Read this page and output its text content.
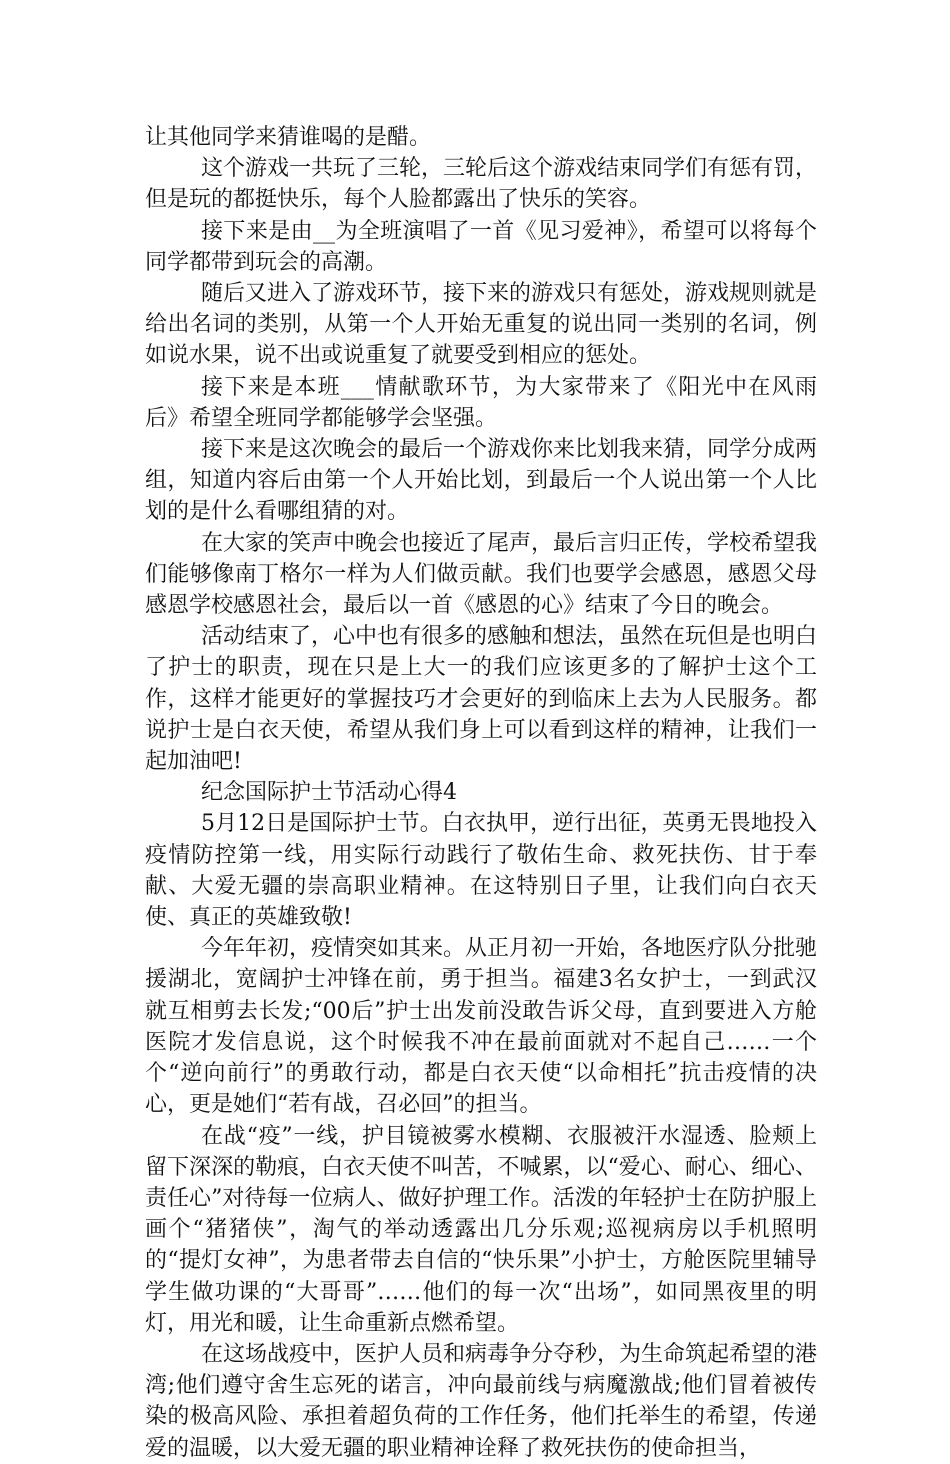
让其他同学来猜谁喝的是醋。

这个游戏一共玩了三轮，三轮后这个游戏结束同学们有惩有罚，但是玩的都挺快乐，每个人脸都露出了快乐的笑容。

接下来是由__为全班演唱了一首《见习爱神》，希望可以将每个同学都带到玩会的高潮。

随后又进入了游戏环节，接下来的游戏只有惩处，游戏规则就是给出名词的类别，从第一个人开始无重复的说出同一类别的名词，例如说水果，说不出或说重复了就要受到相应的惩处。

接下来是本班___情献歌环节，为大家带来了《阳光中在风雨后》希望全班同学都能够学会坚强。

接下来是这次晚会的最后一个游戏你来比划我来猜，同学分成两组，知道内容后由第一个人开始比划，到最后一个人说出第一个人比划的是什么看哪组猜的对。

在大家的笑声中晚会也接近了尾声，最后言归正传，学校希望我们能够像南丁格尔一样为人们做贡献。我们也要学会感恩，感恩父母感恩学校感恩社会，最后以一首《感恩的心》结束了今日的晚会。

活动结束了，心中也有很多的感触和想法，虽然在玩但是也明白了护士的职责，现在只是上大一的我们应该更多的了解护士这个工作，这样才能更好的掌握技巧才会更好的到临床上去为人民服务。都说护士是白衣天使，希望从我们身上可以看到这样的精神，让我们一起加油吧!

纪念国际护士节活动心得4

5月12日是国际护士节。白衣执甲，逆行出征，英勇无畏地投入疫情防控第一线，用实际行动践行了敬佑生命、救死扶伤、甘于奉献、大爱无疆的崇高职业精神。在这特别日子里，让我们向白衣天使、真正的英雄致敬!

今年年初，疫情突如其来。从正月初一开始，各地医疗队分批驰援湖北，宽阔护士冲锋在前，勇于担当。福建3名女护士，一到武汉就互相剪去长发;“00后”护士出发前没敢告诉父母，直到要进入方舱医院才发信息说，这个时候我不冲在最前面就对不起自己……一个个“逆向前行”的勇敢行动，都是白衣天使“以命相托”抗击疫情的决心，更是她们“若有战，召必回”的担当。

在战“疫”一线，护目镜被雾水模糊、衣服被汗水湿透、脸颊上留下深深的勒痕，白衣天使不叫苦，不喊累，以“爱心、耐心、细心、责任心”对待每一位病人、做好护理工作。活泼的年轻护士在防护服上画个“猪猪侠”，淘气的举动透露出几分乐观;巡视病房以手机照明的“提灯女神”，为患者带去自信的“快乐果”小护士，方舱医院里辅导学生做功课的“大哥哥”……他们的每一次“出场”，如同黑夜里的明灯，用光和暖，让生命重新点燃希望。

在这场战疫中，医护人员和病毒争分夺秒，为生命筑起希望的港湾;他们遵守舍生忘死的诺言，冲向最前线与病魔激战;他们冒着被传染的极高风险、承担着超负荷的工作任务，他们托举生的希望，传递爱的温暖，以大爱无疆的职业精神诠释了救死扶伤的使命担当，
